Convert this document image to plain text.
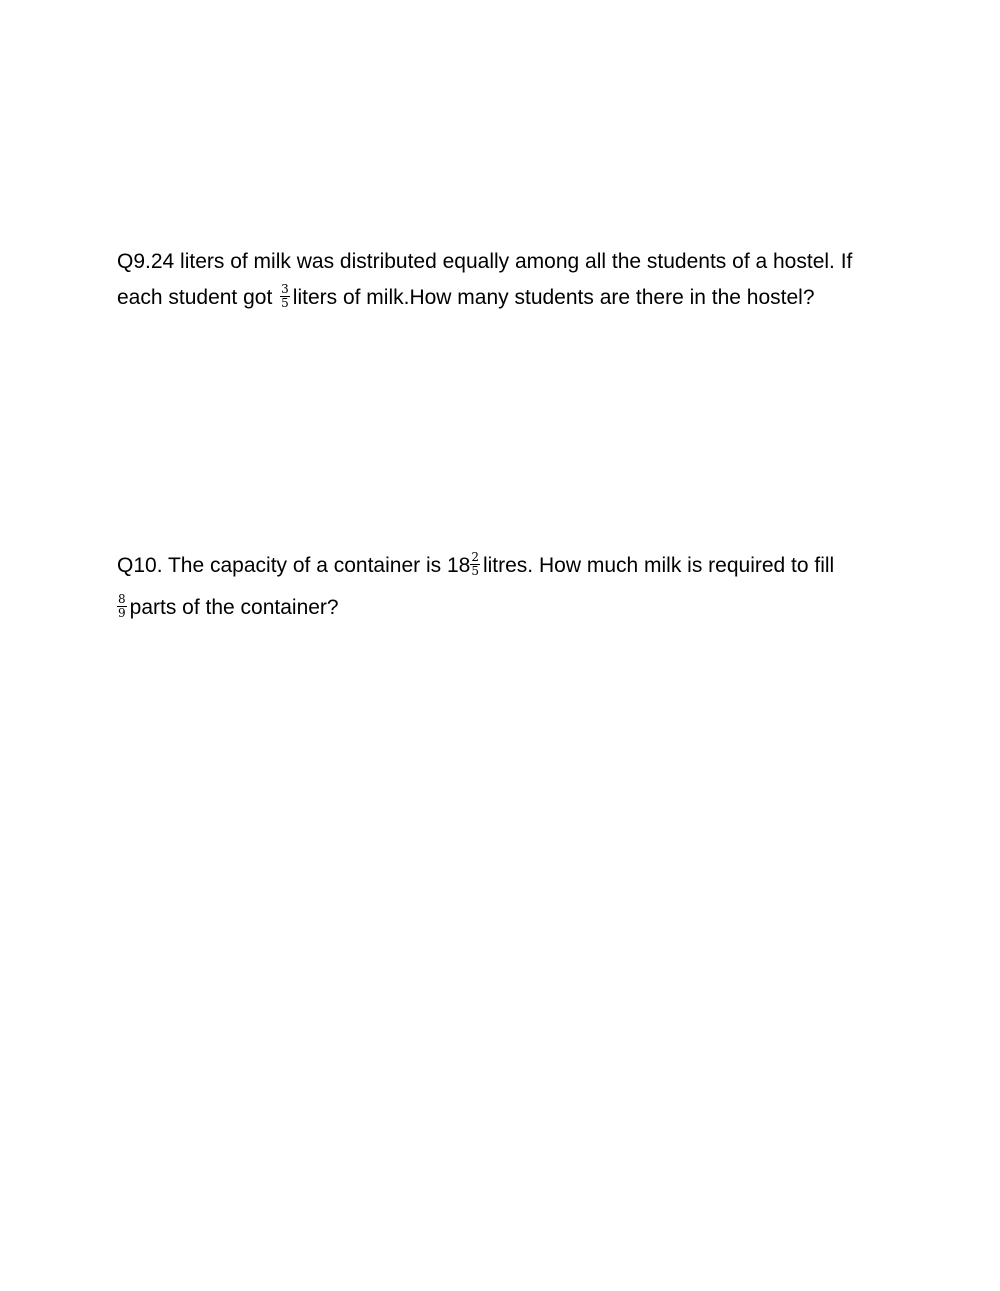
Q9.24 liters of milk was distributed equally among all the students of a hostel. If
each student got $\frac{3}{5}$ liters of milk.How many students are there in the hostel?
Q10. The capacity of a container is $18 \frac{2}{5}$ litres. How much milk is required to fill
$\frac{8}{9}$ parts of the container?
